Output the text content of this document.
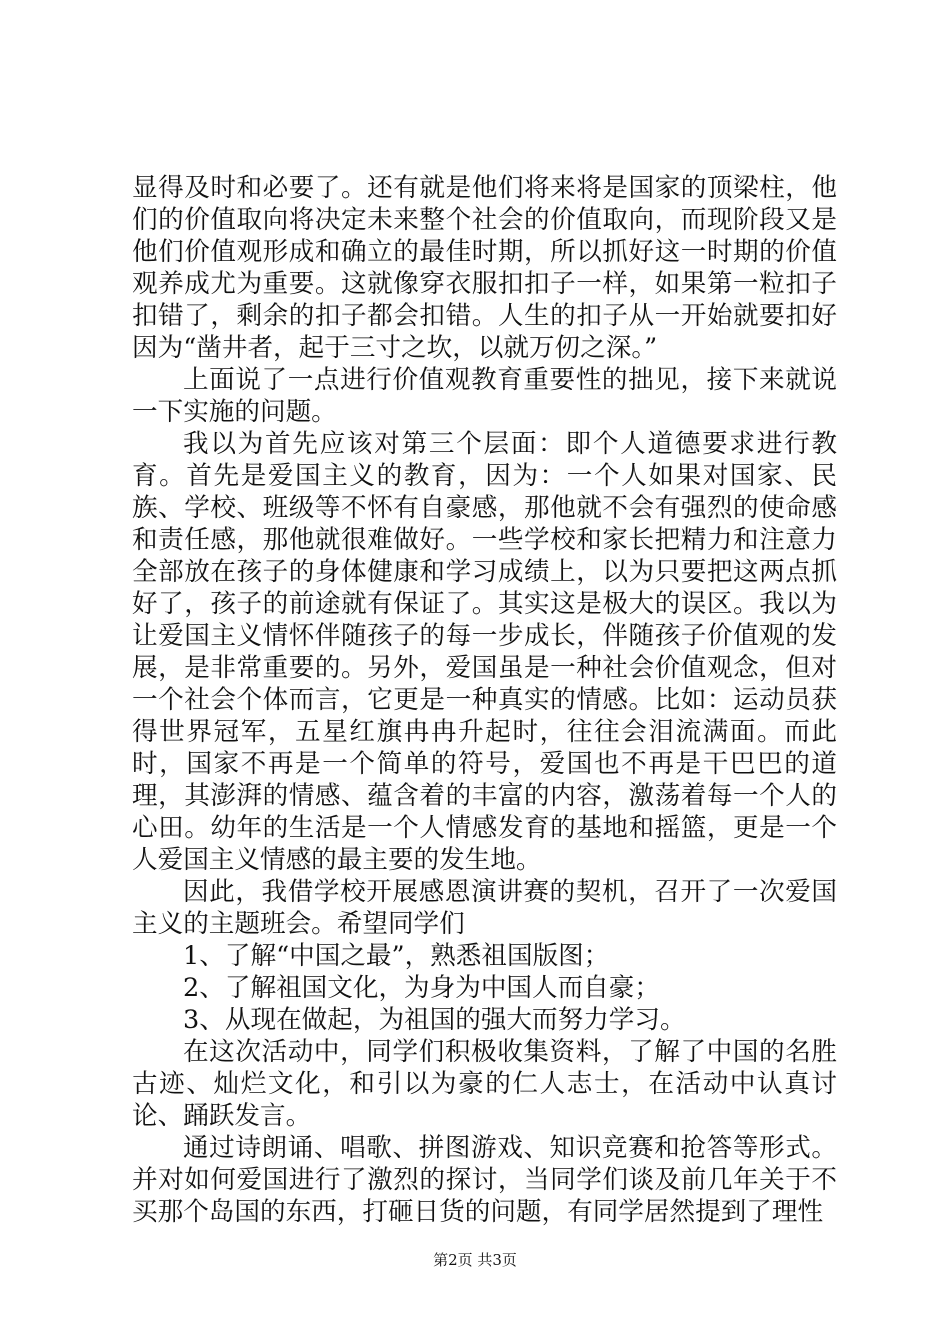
显得及时和必要了。还有就是他们将来将是国家的顶梁柱，他们的价值取向将决定未来整个社会的价值取向，而现阶段又是他们价值观形成和确立的最佳时期，所以抓好这一时期的价值观养成尤为重要。这就像穿衣服扣扣子一样，如果第一粒扣子扣错了，剩余的扣子都会扣错。人生的扣子从一开始就要扣好因为“凿井者，起于三寸之坎，以就万仞之深。”

上面说了一点进行价值观教育重要性的拙见，接下来就说一下实施的问题。

我以为首先应该对第三个层面：即个人道德要求进行教育。首先是爱国主义的教育，因为：一个人如果对国家、民族、学校、班级等不怀有自豪感，那他就不会有强烈的使命感和责任感，那他就很难做好。一些学校和家长把精力和注意力全部放在孩子的身体健康和学习成绩上，以为只要把这两点抓好了，孩子的前途就有保证了。其实这是极大的误区。我以为让爱国主义情怀伴随孩子的每一步成长，伴随孩子价值观的发展，是非常重要的。另外，爱国虽是一种社会价值观念，但对一个社会个体而言，它更是一种真实的情感。比如：运动员获得世界冠军，五星红旗冉冉升起时，往往会泪流满面。而此时，国家不再是一个简单的符号，爱国也不再是干巴巴的道理，其澎湃的情感、蕴含着的丰富的内容，激荡着每一个人的心田。幼年的生活是一个人情感发育的基地和摇篮，更是一个人爱国主义情感的最主要的发生地。

因此，我借学校开展感恩演讲赛的契机，召开了一次爱国主义的主题班会。希望同学们

1、了解“中国之最”，熟悉祖国版图；

2、了解祖国文化，为身为中国人而自豪；

3、从现在做起，为祖国的强大而努力学习。

在这次活动中，同学们积极收集资料，了解了中国的名胜古迹、灿烂文化，和引以为豪的仁人志士，在活动中认真讨论、踊跃发言。

通过诗朗诵、唱歌、拼图游戏、知识竞赛和抢答等形式。并对如何爱国进行了激烈的探讨，当同学们谈及前几年关于不买那个岛国的东西，打砸日货的问题，有同学居然提到了理性

第2页 共3页
